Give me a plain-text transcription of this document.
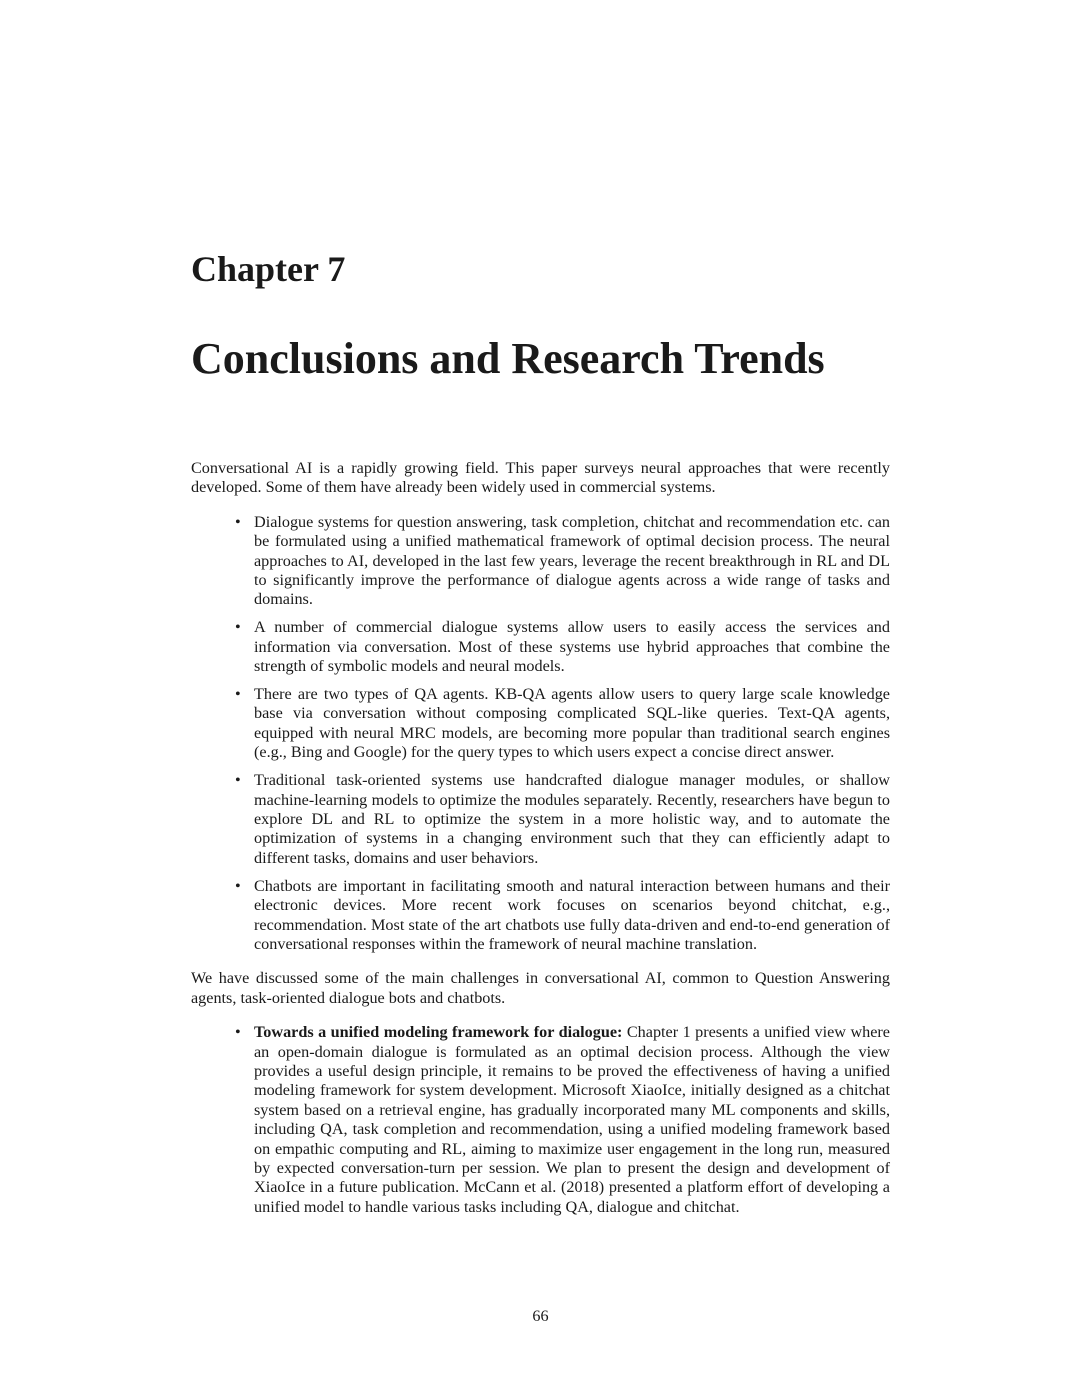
Chapter 7
Conclusions and Research Trends

Conversational AI is a rapidly growing field. This paper surveys neural approaches that were recently developed. Some of them have already been widely used in commercial systems.

• Dialogue systems for question answering, task completion, chitchat and recommendation etc. can be formulated using a unified mathematical framework of optimal decision process. The neural approaches to AI, developed in the last few years, leverage the recent breakthrough in RL and DL to significantly improve the performance of dialogue agents across a wide range of tasks and domains.
• A number of commercial dialogue systems allow users to easily access the services and information via conversation. Most of these systems use hybrid approaches that combine the strength of symbolic models and neural models.
• There are two types of QA agents. KB-QA agents allow users to query large scale knowledge base via conversation without composing complicated SQL-like queries. Text-QA agents, equipped with neural MRC models, are becoming more popular than traditional search engines (e.g., Bing and Google) for the query types to which users expect a concise direct answer.
• Traditional task-oriented systems use handcrafted dialogue manager modules, or shallow machine-learning models to optimize the modules separately. Recently, researchers have begun to explore DL and RL to optimize the system in a more holistic way, and to automate the optimization of systems in a changing environment such that they can efficiently adapt to different tasks, domains and user behaviors.
• Chatbots are important in facilitating smooth and natural interaction between humans and their electronic devices. More recent work focuses on scenarios beyond chitchat, e.g., recommendation. Most state of the art chatbots use fully data-driven and end-to-end generation of conversational responses within the framework of neural machine translation.

We have discussed some of the main challenges in conversational AI, common to Question Answering agents, task-oriented dialogue bots and chatbots.

• Towards a unified modeling framework for dialogue: Chapter 1 presents a unified view where an open-domain dialogue is formulated as an optimal decision process. Although the view provides a useful design principle, it remains to be proved the effectiveness of having a unified modeling framework for system development. Microsoft XiaoIce, initially designed as a chitchat system based on a retrieval engine, has gradually incorporated many ML components and skills, including QA, task completion and recommendation, using a unified modeling framework based on empathic computing and RL, aiming to maximize user engagement in the long run, measured by expected conversation-turn per session. We plan to present the design and development of XiaoIce in a future publication. McCann et al. (2018) presented a platform effort of developing a unified model to handle various tasks including QA, dialogue and chitchat.
66
